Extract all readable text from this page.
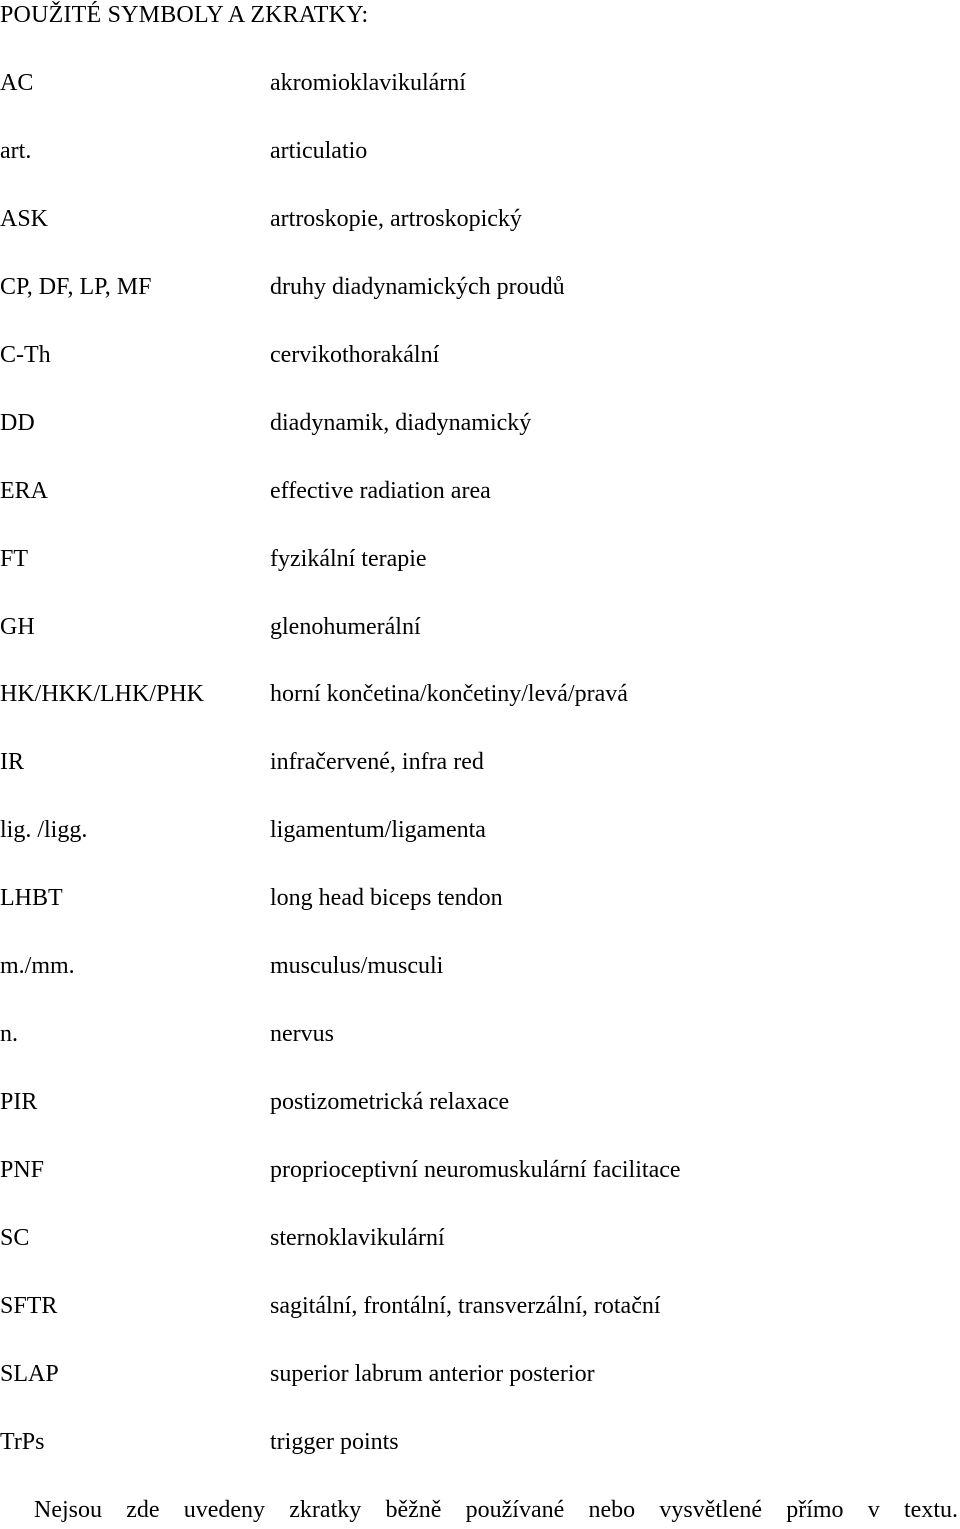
POUŽITÉ SYMBOLY A ZKRATKY:
AC	akromioklavikulární
art.	articulatio
ASK	artroskopie, artroskopický
CP, DF, LP, MF	druhy diadynamických proudů
C-Th	cervikothorakální
DD	diadynamik, diadynamický
ERA	effective radiation area
FT	fyzikální terapie
GH	glenohumerální
HK/HKK/LHK/PHK	horní končetina/končetiny/levá/pravá
IR	infračervené, infra red
lig. /ligg.	ligamentum/ligamenta
LHBT	long head biceps tendon
m./mm.	musculus/musculi
n.	nervus
PIR	postizometrická relaxace
PNF	proprioceptivní neuromuskulární facilitace
SC	sternoklavikulární
SFTR	sagitální, frontální, transverzální, rotační
SLAP	superior labrum anterior posterior
TrPs	trigger points
Nejsou zde uvedeny zkratky běžně používané nebo vysvětlené přímo v textu.
